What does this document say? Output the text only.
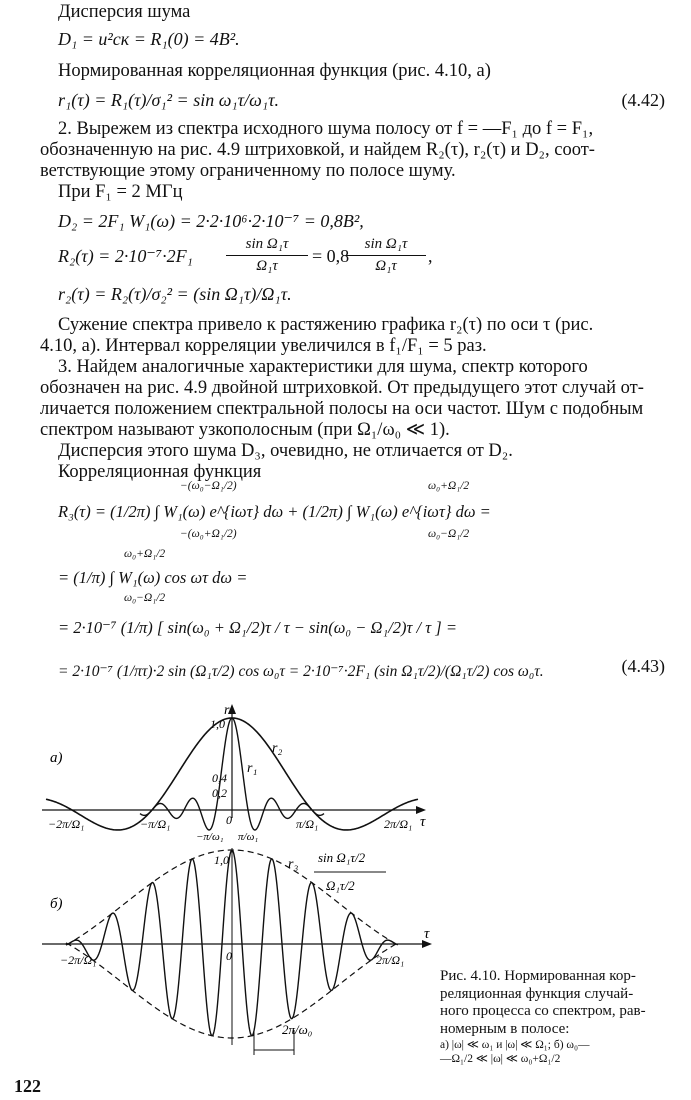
Дисперсия шума
D₁ = u²ск = R₁(0) = 4В².
Нормированная корреляционная функция (рис. 4.10, а)
r₁(τ) = R₁(τ)/σ₁² = sin ω₁τ/ω₁τ.	(4.42)
2. Вырежем из спектра исходного шума полосу от f = —F₁ до f = F₁,
обозначенную на рис. 4.9 штриховкой, и найдем R₂(τ), r₂(τ) и D₂, соот-
ветствующие этому ограниченному по полосе шуму.
При F₁ = 2 МГц
D₂ = 2F₁ W₁(ω) = 2·2·10⁶·2·10⁻⁷ = 0,8В²,
R₂(τ) = 2·10⁻⁷·2F₁
sin Ω₁τ
Ω₁τ	= 0,8
sin Ω₁τ
Ω₁τ	,
r₂(τ) = R₂(τ)/σ₂² = (sin Ω₁τ)/Ω₁τ.
Сужение спектра привело к растяжению графика r₂(τ) по оси τ (рис.
4.10, а). Интервал корреляции увеличился в f₁/F₁ = 5 раз.
3. Найдем аналогичные характеристики для шума, спектр которого
обозначен на рис. 4.9 двойной штриховкой. От предыдущего этот случай от-
личается положением спектральной полосы на оси частот. Шум с подобным
спектром называют узкополосным (при Ω₁/ω₀ ≪ 1).
Дисперсия этого шума D₃, очевидно, не отличается от D₂.
Корреляционная функция
−(ω₀−Ω₁/2)
−(ω₀+Ω₁/2)
ω₀+Ω₁/2
ω₀−Ω₁/2
R₃(τ) = (1/2π) ∫ W₁(ω) e^{iωτ} dω + (1/2π) ∫ W₁(ω) e^{iωτ} dω =
ω₀+Ω₁/2
ω₀−Ω₁/2
= (1/π) ∫ W₁(ω) cos ωτ dω =
= 2·10⁻⁷ (1/π) [ sin(ω₀ + Ω₁/2)τ / τ − sin(ω₀ − Ω₁/2)τ / τ ] =
= 2·10⁻⁷ (1/πτ)·2 sin (Ω₁τ/2) cos ω₀τ = 2·10⁻⁷·2F₁ (sin Ω₁τ/2)/(Ω₁τ/2) cos ω₀τ.	(4.43)
а)
τ
r
1,0
0,4
0,2
0
r₂
r₁
−2π/Ω₁	−π/Ω₁
−π/ω₁ π/ω₁
π/Ω₁	2π/Ω₁
б)
τ
1,0
0
r₃ sin Ω₁τ/2
Ω₁τ/2
−2π/Ω₁	2π/Ω₁
2π/ω₀
Рис. 4.10. Нормированная кор-
реляционная функция случай-
ного процесса со спектром, рав-
номерным в полосе:
а) |ω| ≪ ω₁ и |ω| ≪ Ω₁; б) ω₀—
—Ω₁/2 ≪ |ω| ≪ ω₀+Ω₁/2
122
